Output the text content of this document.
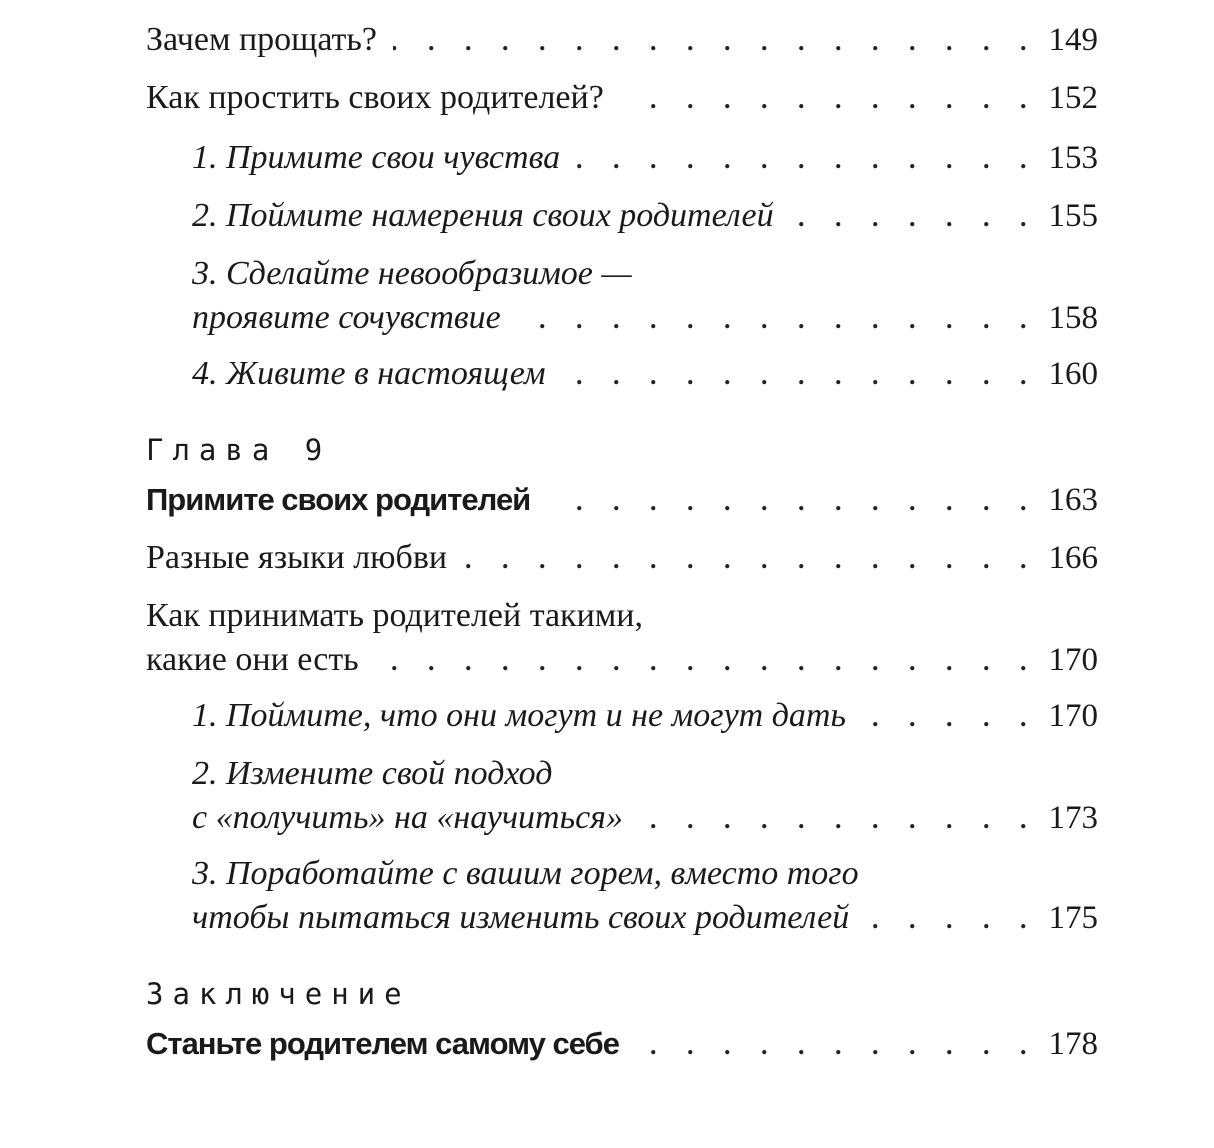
Зачем прощать? . . .	149
Как простить своих родителей? . . .	152
1. Примите свои чувства . . .	153
2. Поймите намерения своих родителей . . .	155
3. Сделайте невообразимое —
проявите сочувствие . . .	158
4. Живите в настоящем . . .	160
Глава 9
Примите своих родителей . . .	163
Разные языки любви . . .	166
Как принимать родителей такими,
какие они есть . . .	170
1. Поймите, что они могут и не могут дать . . .	170
2. Измените свой подход
с «получить» на «научиться» . . .	173
3. Поработайте с вашим горем, вместо того
чтобы пытаться изменить своих родителей . . .	175
Заключение
Станьте родителем самому себе . . .	178
